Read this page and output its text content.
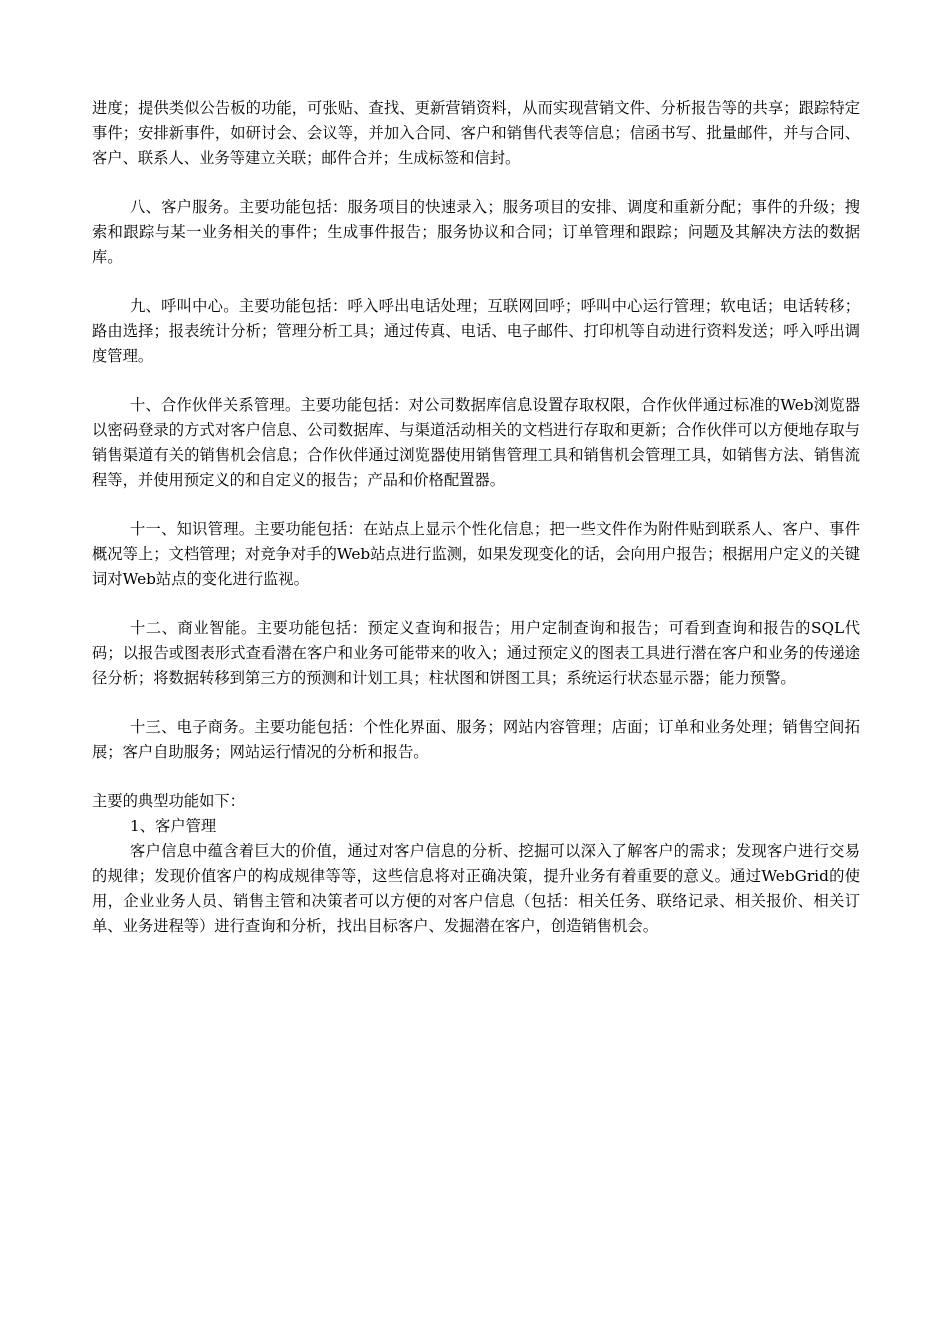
进度；提供类似公告板的功能，可张贴、查找、更新营销资料，从而实现营销文件、分析报告等的共享；跟踪特定事件；安排新事件，如研讨会、会议等，并加入合同、客户和销售代表等信息；信函书写、批量邮件，并与合同、客户、联系人、业务等建立关联；邮件合并；生成标签和信封。

八、客户服务。主要功能包括：服务项目的快速录入；服务项目的安排、调度和重新分配；事件的升级；搜索和跟踪与某一业务相关的事件；生成事件报告；服务协议和合同；订单管理和跟踪；问题及其解决方法的数据库。

九、呼叫中心。主要功能包括：呼入呼出电话处理；互联网回呼；呼叫中心运行管理；软电话；电话转移；路由选择；报表统计分析；管理分析工具；通过传真、电话、电子邮件、打印机等自动进行资料发送；呼入呼出调度管理。

十、合作伙伴关系管理。主要功能包括：对公司数据库信息设置存取权限，合作伙伴通过标准的Web浏览器以密码登录的方式对客户信息、公司数据库、与渠道活动相关的文档进行存取和更新；合作伙伴可以方便地存取与销售渠道有关的销售机会信息；合作伙伴通过浏览器使用销售管理工具和销售机会管理工具，如销售方法、销售流程等，并使用预定义的和自定义的报告；产品和价格配置器。

十一、知识管理。主要功能包括：在站点上显示个性化信息；把一些文件作为附件贴到联系人、客户、事件概况等上；文档管理；对竞争对手的Web站点进行监测，如果发现变化的话，会向用户报告；根据用户定义的关键词对Web站点的变化进行监视。

十二、商业智能。主要功能包括：预定义查询和报告；用户定制查询和报告；可看到查询和报告的SQL代码；以报告或图表形式查看潜在客户和业务可能带来的收入；通过预定义的图表工具进行潜在客户和业务的传递途径分析；将数据转移到第三方的预测和计划工具；柱状图和饼图工具；系统运行状态显示器；能力预警。

十三、电子商务。主要功能包括：个性化界面、服务；网站内容管理；店面；订单和业务处理；销售空间拓展；客户自助服务；网站运行情况的分析和报告。

主要的典型功能如下：

1、客户管理

客户信息中蕴含着巨大的价值，通过对客户信息的分析、挖掘可以深入了解客户的需求；发现客户进行交易的规律；发现价值客户的构成规律等等，这些信息将对正确决策，提升业务有着重要的意义。通过WebGrid的使用，企业业务人员、销售主管和决策者可以方便的对客户信息（包括：相关任务、联络记录、相关报价、相关订单、业务进程等）进行查询和分析，找出目标客户、发掘潜在客户，创造销售机会。
